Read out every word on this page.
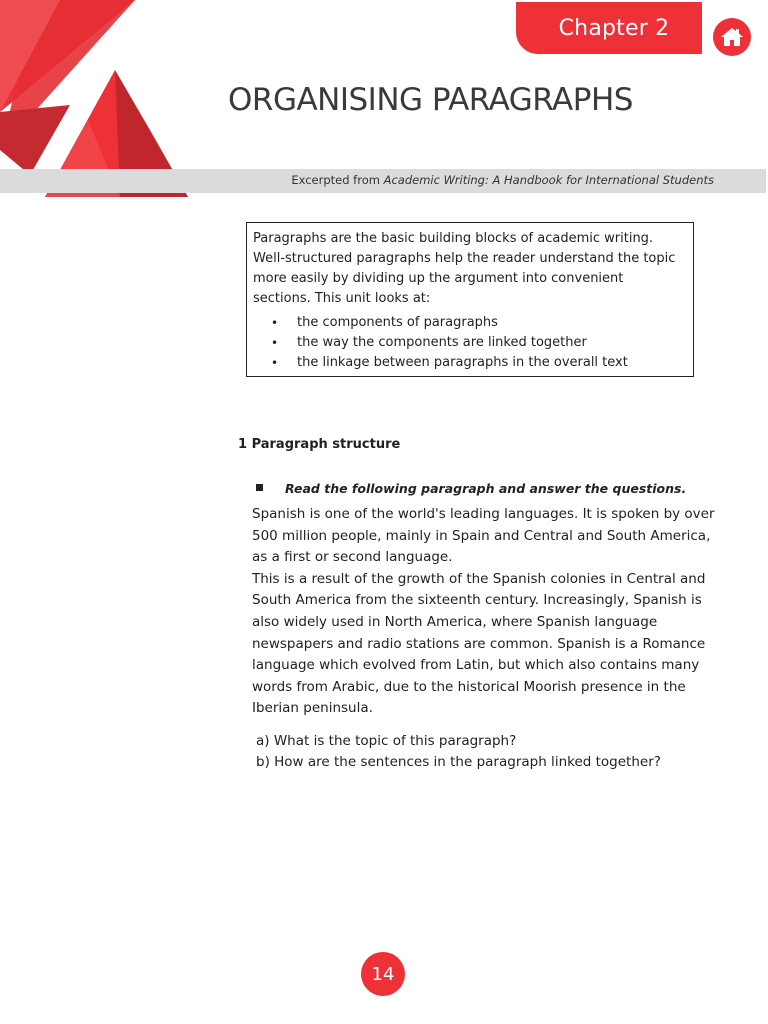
Chapter 2
ORGANISING PARAGRAPHS
Excerpted from Academic Writing: A Handbook for International Students

Paragraphs are the basic building blocks of academic writing. Well-structured paragraphs help the reader understand the topic more easily by dividing up the argument into convenient sections. This unit looks at:

• the components of paragraphs
• the way the components are linked together
• the linkage between paragraphs in the overall text
1 Paragraph structure
Read the following paragraph and answer the questions.

Spanish is one of the world's leading languages. It is spoken by over 500 million people, mainly in Spain and Central and South America, as a first or second language.

This is a result of the growth of the Spanish colonies in Central and South America from the sixteenth century. Increasingly, Spanish is also widely used in North America, where Spanish language newspapers and radio stations are common. Spanish is a Romance language which evolved from Latin, but which also contains many words from Arabic, due to the historical Moorish presence in the Iberian peninsula.

a) What is the topic of this paragraph?
b) How are the sentences in the paragraph linked together?
14
